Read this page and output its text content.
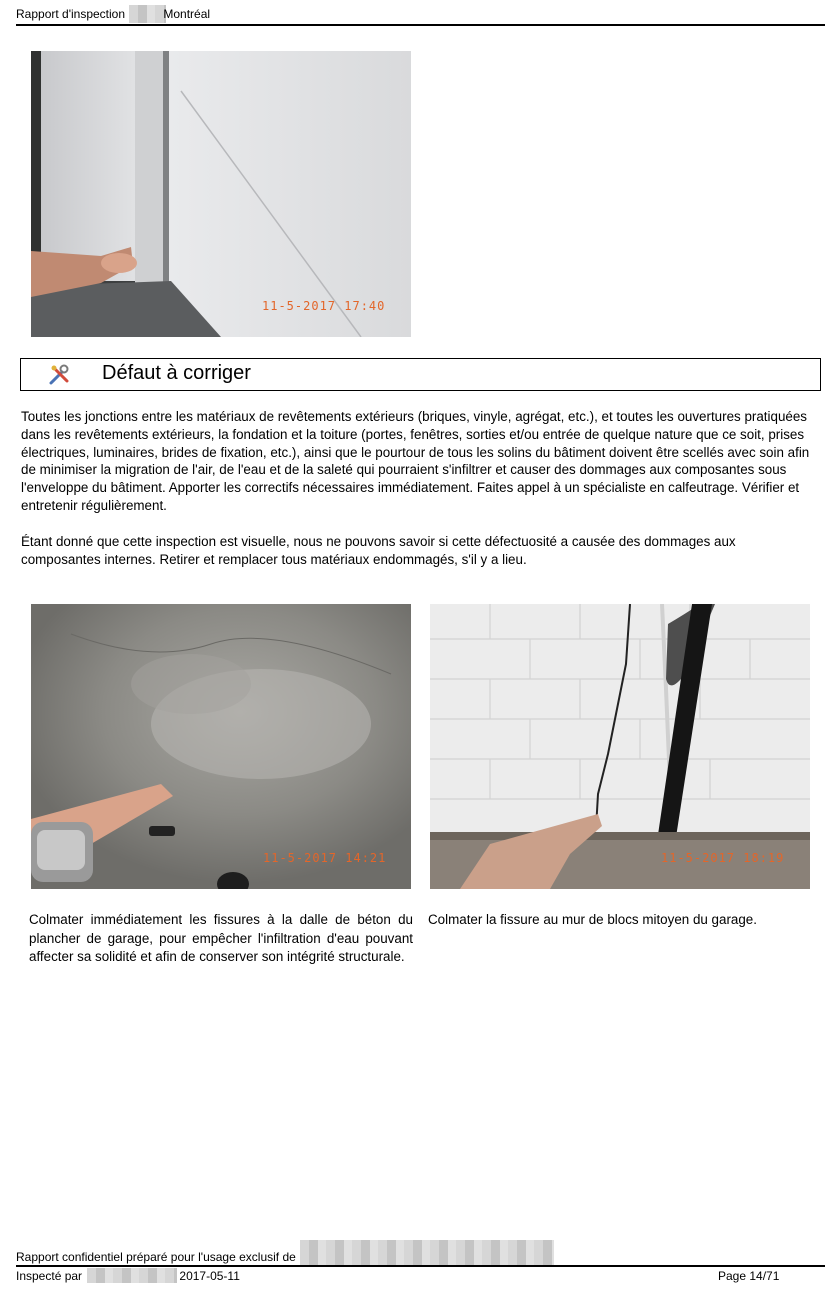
Rapport d'inspection	Montréal
11-5-2017 17:40
Défaut à corriger
Toutes les jonctions entre les matériaux de revêtements extérieurs (briques, vinyle, agrégat, etc.), et toutes les ouvertures pratiquées dans les revêtements extérieurs, la fondation et la toiture (portes, fenêtres, sorties et/ou entrée de quelque nature que ce soit, prises électriques, luminaires, brides de fixation, etc.), ainsi que le pourtour de tous les solins du bâtiment doivent être scellés avec soin afin de minimiser la migration de l'air, de l'eau et de la saleté qui pourraient s'infiltrer et causer des dommages aux composantes sous l'enveloppe du bâtiment. Apporter les correctifs nécessaires immédiatement. Faites appel à un spécialiste en calfeutrage. Vérifier et entretenir régulièrement.
Étant donné que cette inspection est visuelle, nous ne pouvons savoir si cette défectuosité a causée des dommages aux composantes internes. Retirer et remplacer tous matériaux endommagés, s'il y a lieu.
11-5-2017 14:21	11-5-2017 18:19
Colmater immédiatement les fissures à la dalle de béton du plancher de garage, pour empêcher l'infiltration d'eau pouvant affecter sa solidité et afin de conserver son intégrité structurale.
Colmater la fissure au mur de blocs mitoyen du garage.
Rapport confidentiel préparé pour l'usage exclusif de
Inspecté par	2017-05-11	Page 14/71
